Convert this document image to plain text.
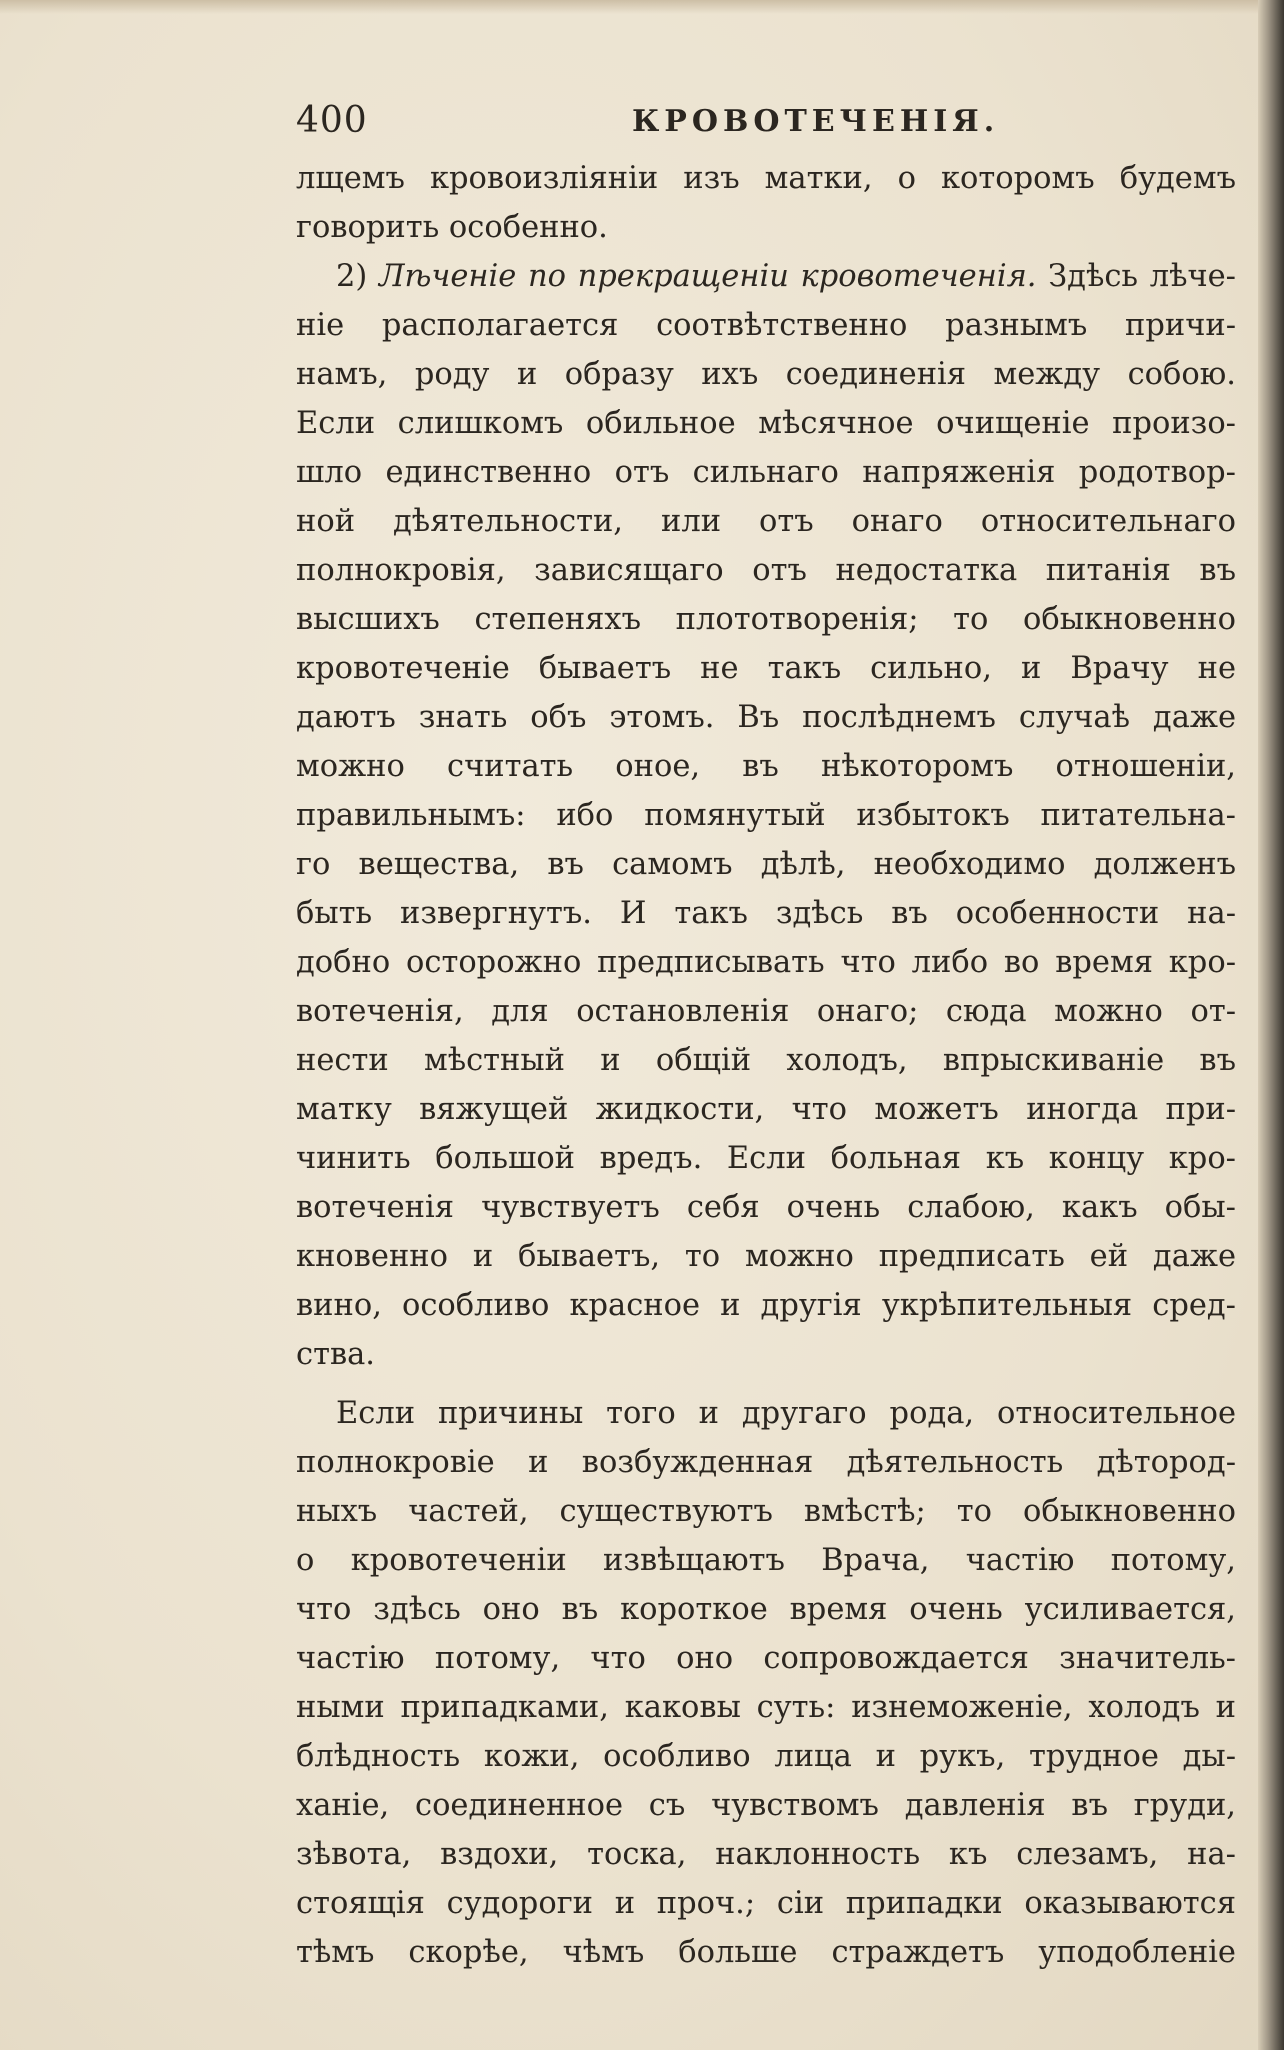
400	КРОВОТЕЧЕНІЯ.
лщемъ кровоизліяніи изъ матки, о которомъ будемъ
говорить особенно.
2) Лѣченіе по прекращеніи кровотеченія. Здѣсь лѣче-
ніе располагается соотвѣтственно разнымъ причи-
намъ, роду и образу ихъ соединенія между собою.
Если слишкомъ обильное мѣсячное очищеніе произо-
шло единственно отъ сильнаго напряженія родотвор-
ной дѣятельности, или отъ онаго относительнаго
полнокровія, зависящаго отъ недостатка питанія въ
высшихъ степеняхъ плототворенія; то обыкновенно
кровотеченіе бываетъ не такъ сильно, и Врачу не
даютъ знать объ этомъ. Въ послѣднемъ случаѣ даже
можно считать оное, въ нѣкоторомъ отношеніи,
правильнымъ: ибо помянутый избытокъ питательна-
го вещества, въ самомъ дѣлѣ, необходимо долженъ
быть извергнутъ. И такъ здѣсь въ особенности на-
добно осторожно предписывать что либо во время кро-
вотеченія, для остановленія онаго; сюда можно от-
нести мѣстный и общій холодъ, впрыскиваніе въ
матку вяжущей жидкости, что можетъ иногда при-
чинить большой вредъ. Если больная къ концу кро-
вотеченія чувствуетъ себя очень слабою, какъ обы-
кновенно и бываетъ, то можно предписать ей даже
вино, особливо красное и другія укрѣпительныя сред-
ства.
Если причины того и другаго рода, относительное
полнокровіе и возбужденная дѣятельность дѣтород-
ныхъ частей, существуютъ вмѣстѣ; то обыкновенно
о кровотеченіи извѣщаютъ Врача, частію потому,
что здѣсь оно въ короткое время очень усиливается,
частію потому, что оно сопровождается значитель-
ными припадками, каковы суть: изнеможеніе, холодъ и
блѣдность кожи, особливо лица и рукъ, трудное ды-
ханіе, соединенное съ чувствомъ давленія въ груди,
зѣвота, вздохи, тоска, наклонность къ слезамъ, на-
стоящія судороги и проч.; сіи припадки оказываются
тѣмъ скорѣе, чѣмъ больше страждетъ уподобленіе
